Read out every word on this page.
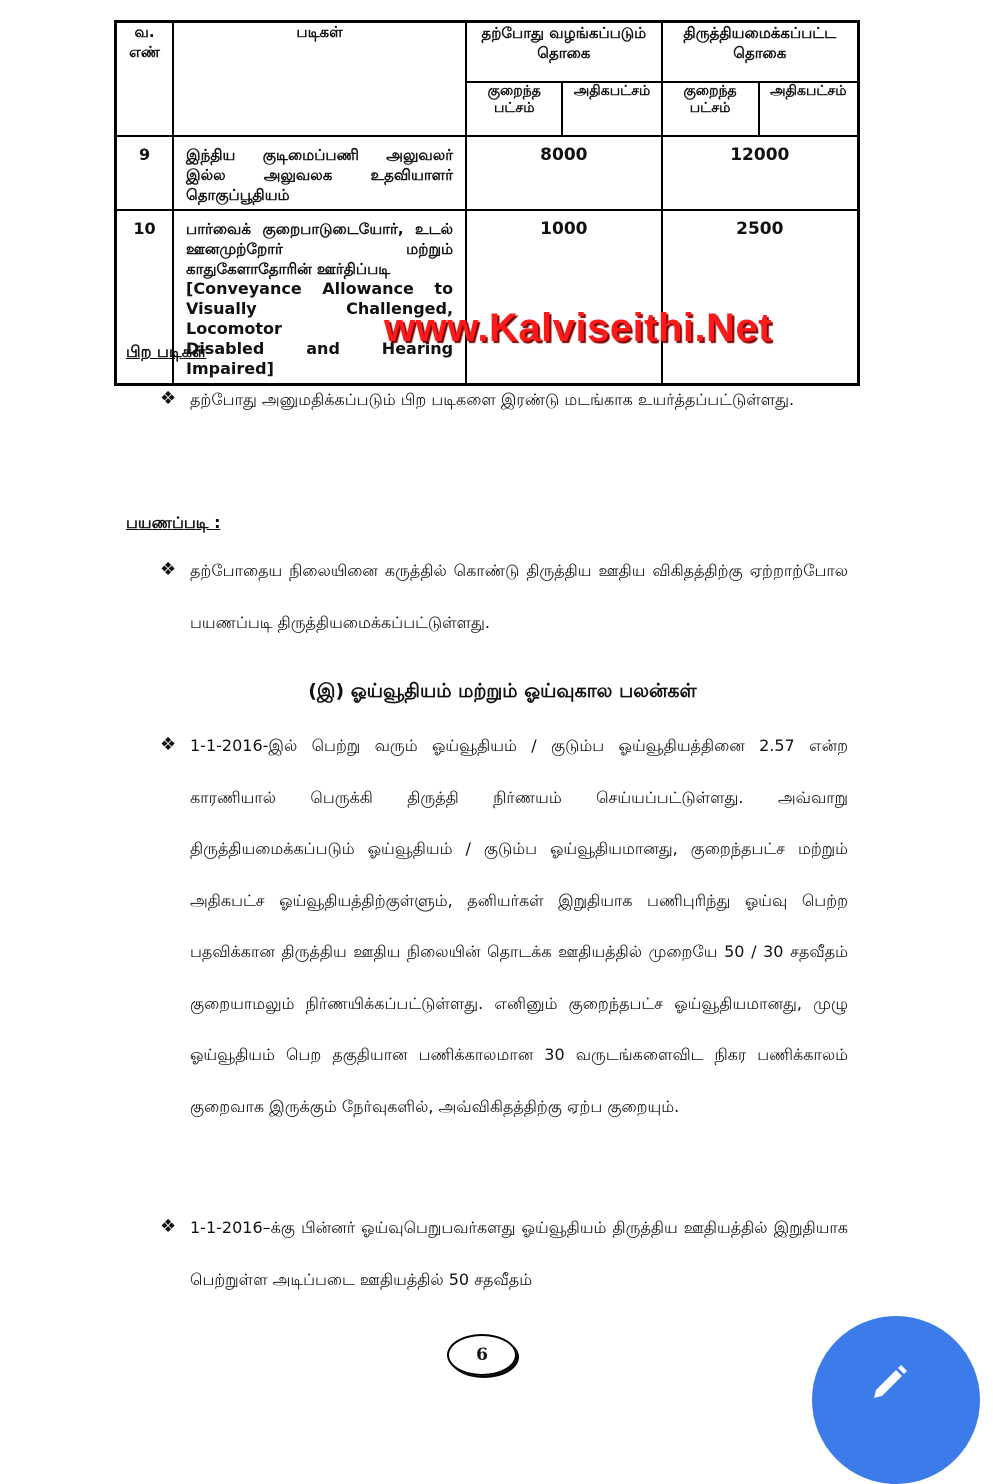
வ. எண்	படிகள்	தற்போது வழங்கப்படும் தொகை		திருத்தியமைக்கப்பட்ட தொகை	
		குறைந்த பட்சம்	அதிகபட்சம்	குறைந்த பட்சம்	அதிகபட்சம்
9	இந்திய குடிமைப்பணி அலுவலர் இல்ல அலுவலக உதவியாளர் தொகுப்பூதியம்	8000		12000	
10	பார்வைக் குறைபாடுடையோர், உடல் ஊனமுற்றோர் மற்றும் காதுகேளாதோரின் ஊர்திப்படி
[Conveyance Allowance to
Visually Challenged, Locomotor
Disabled and Hearing Impaired]	1000		2500	
www.Kalviseithi.Net
பிற படிகள்
❖ தற்போது அனுமதிக்கப்படும் பிற படிகளை இரண்டு மடங்காக உயர்த்தப்பட்டுள்ளது.
பயணப்படி :
❖ தற்போதைய நிலையினை கருத்தில் கொண்டு திருத்திய ஊதிய விகிதத்திற்கு ஏற்றாற்போல பயணப்படி திருத்தியமைக்கப்பட்டுள்ளது.
(இ) ஓய்வூதியம் மற்றும் ஓய்வுகால பலன்கள்
❖ 1-1-2016-இல் பெற்று வரும் ஓய்வூதியம் / குடும்ப ஓய்வூதியத்தினை 2.57 என்ற காரணியால் பெருக்கி திருத்தி நிர்ணயம் செய்யப்பட்டுள்ளது. அவ்வாறு திருத்தியமைக்கப்படும் ஓய்வூதியம் / குடும்ப ஓய்வூதியமானது, குறைந்தபட்ச மற்றும் அதிகபட்ச ஓய்வூதியத்திற்குள்ளும், தனியர்கள் இறுதியாக பணிபுரிந்து ஓய்வு பெற்ற பதவிக்கான திருத்திய ஊதிய நிலையின் தொடக்க ஊதியத்தில் முறையே 50 / 30 சதவீதம் குறையாமலும் நிர்ணயிக்கப்பட்டுள்ளது. எனினும் குறைந்தபட்ச ஓய்வூதியமானது, முழு ஓய்வூதியம் பெற தகுதியான பணிக்காலமான 30 வருடங்களைவிட நிகர பணிக்காலம் குறைவாக இருக்கும் நேர்வுகளில், அவ்விகிதத்திற்கு ஏற்ப குறையும்.
❖ 1-1-2016–க்கு பின்னர் ஓய்வுபெறுபவர்களது ஓய்வூதியம் திருத்திய ஊதியத்தில் இறுதியாக பெற்றுள்ள அடிப்படை ஊதியத்தில் 50 சதவீதம்
6
